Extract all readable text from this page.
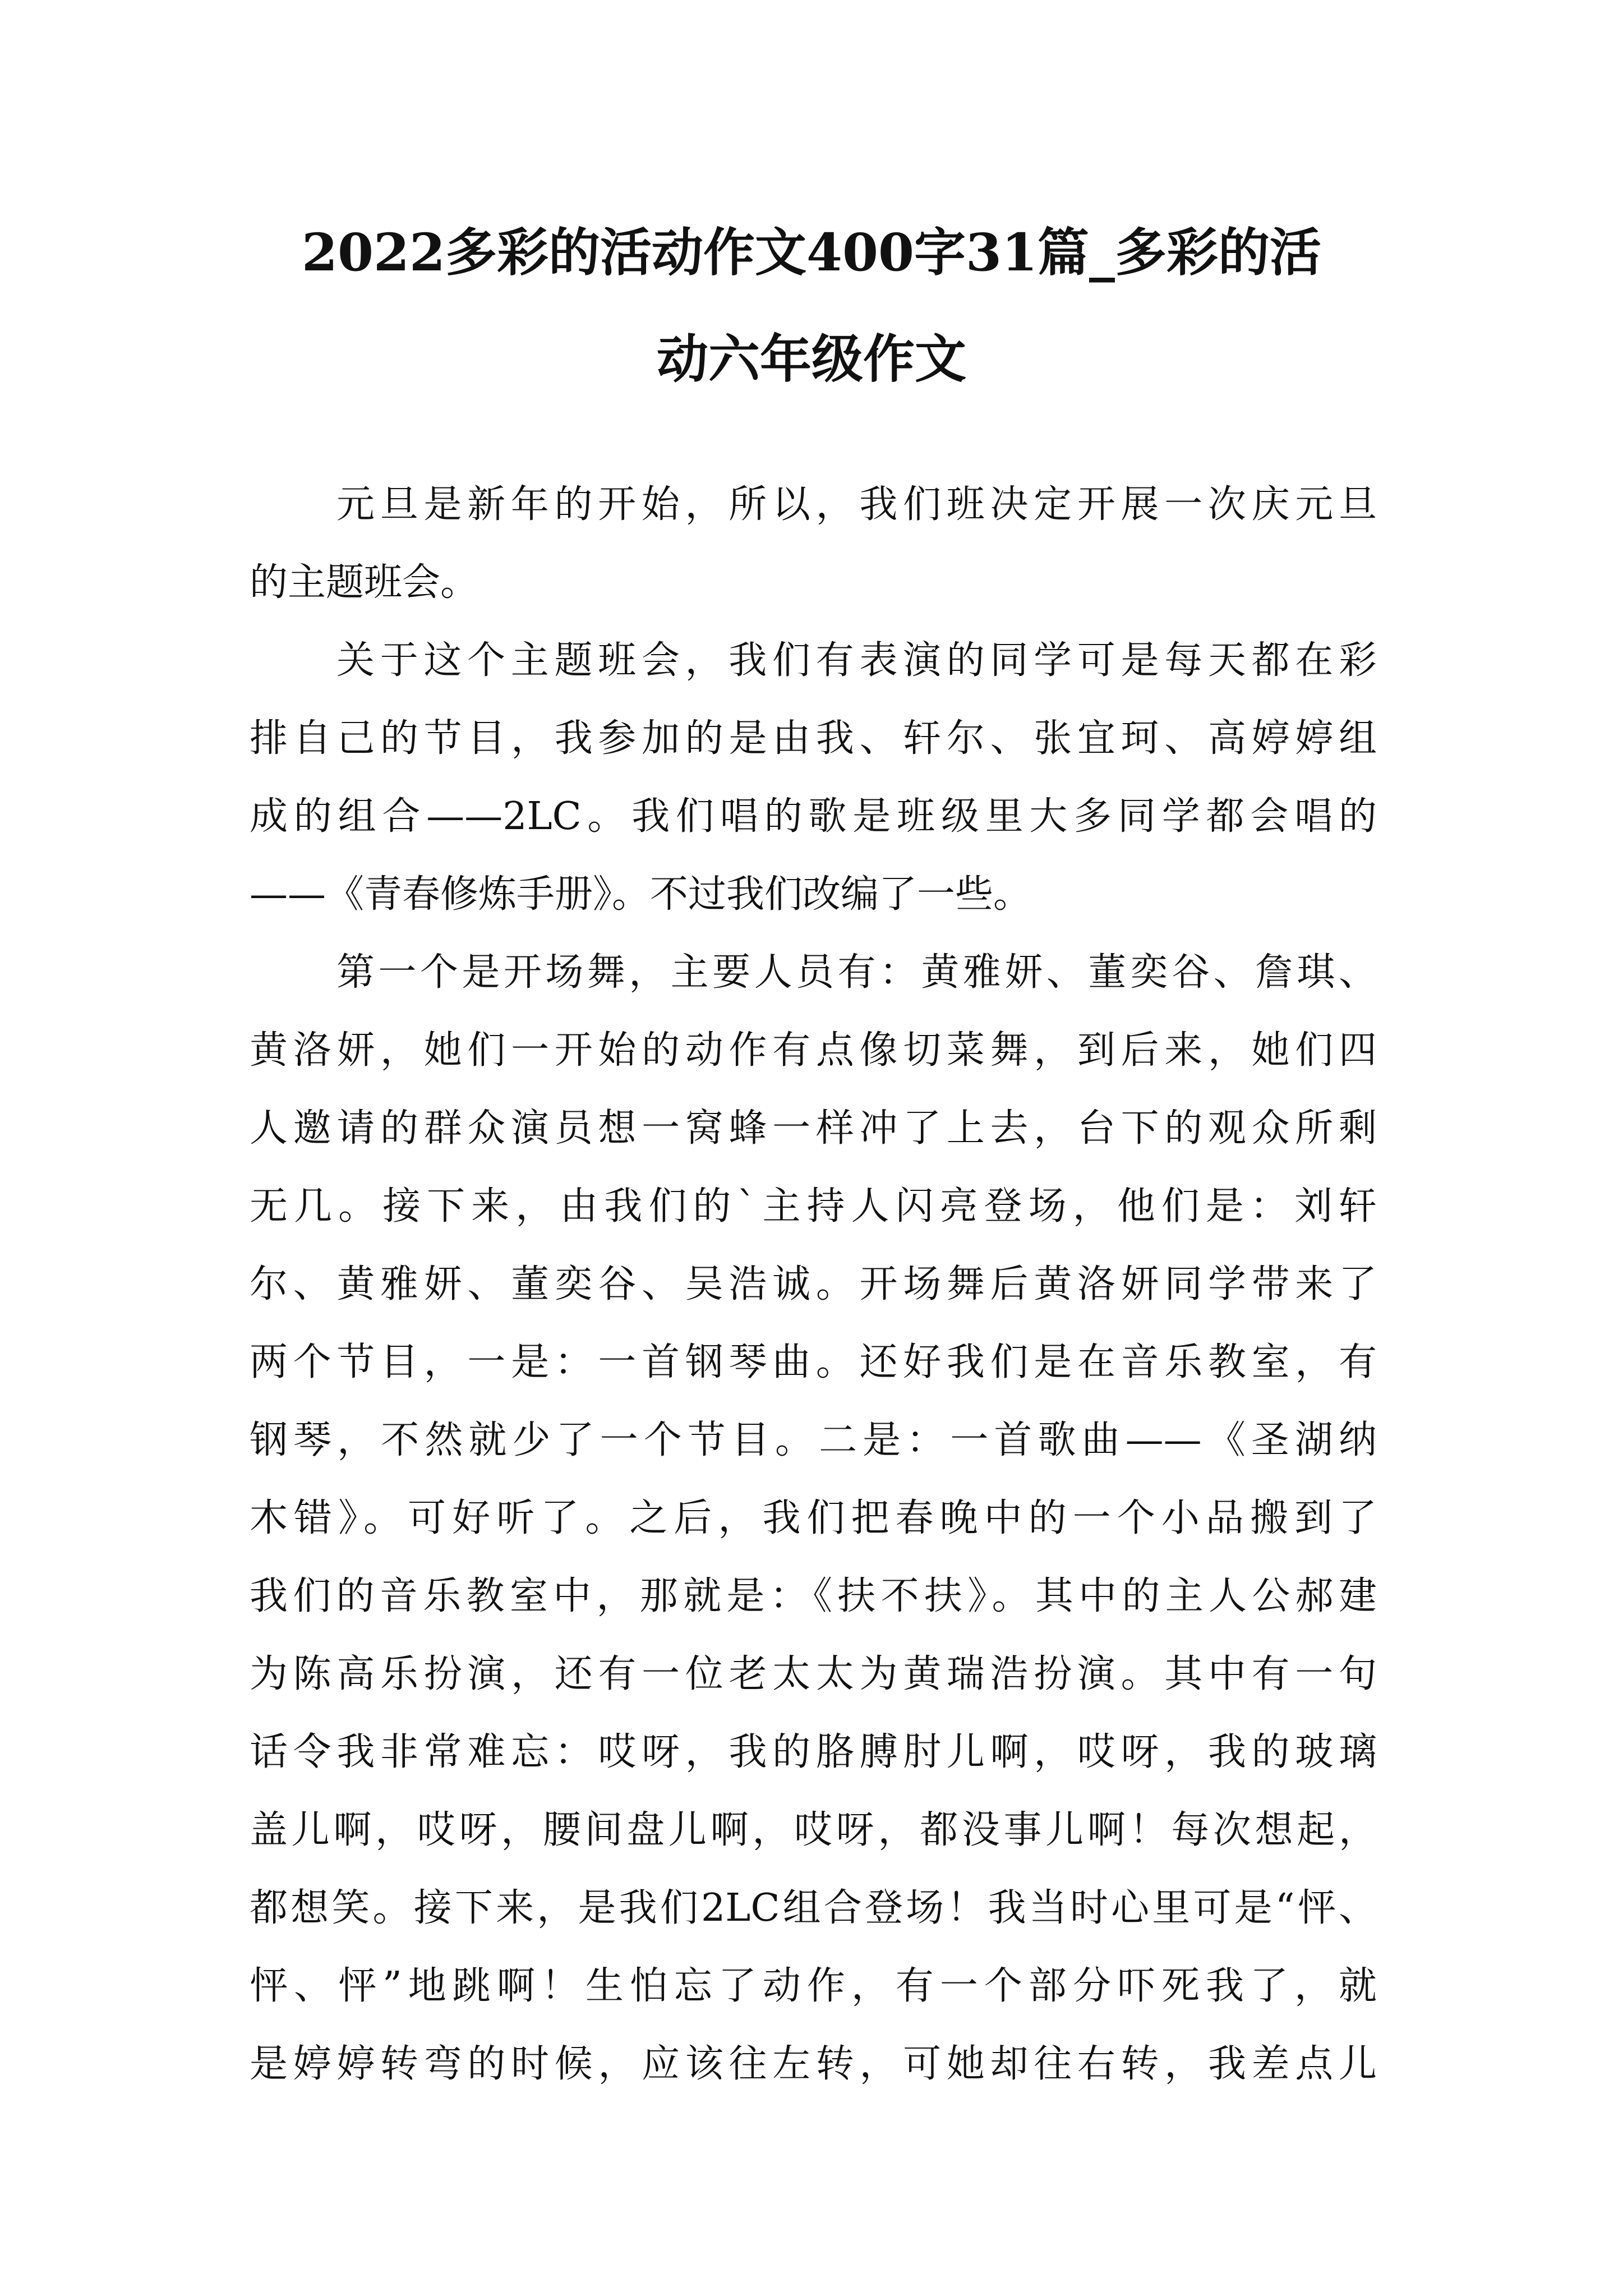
2022多彩的活动作文400字31篇_多彩的活
动六年级作文
元旦是新年的开始，所以，我们班决定开展一次庆元旦
的主题班会。
关于这个主题班会，我们有表演的同学可是每天都在彩
排自己的节目，我参加的是由我、轩尔、张宜珂、高婷婷组
成的组合——2LC。我们唱的歌是班级里大多同学都会唱的
——《青春修炼手册》。不过我们改编了一些。
第一个是开场舞，主要人员有：黄雅妍、董奕谷、詹琪、
黄洛妍，她们一开始的动作有点像切菜舞，到后来，她们四
人邀请的群众演员想一窝蜂一样冲了上去，台下的观众所剩
无几。接下来，由我们的`主持人闪亮登场，他们是：刘轩
尔、黄雅妍、董奕谷、吴浩诚。开场舞后黄洛妍同学带来了
两个节目，一是：一首钢琴曲。还好我们是在音乐教室，有
钢琴，不然就少了一个节目。二是：一首歌曲——《圣湖纳
木错》。可好听了。之后，我们把春晚中的一个小品搬到了
我们的音乐教室中，那就是：《扶不扶》。其中的主人公郝建
为陈高乐扮演，还有一位老太太为黄瑞浩扮演。其中有一句
话令我非常难忘：哎呀，我的胳膊肘儿啊，哎呀，我的玻璃
盖儿啊，哎呀，腰间盘儿啊，哎呀，都没事儿啊！每次想起，
都想笑。接下来，是我们2LC组合登场！我当时心里可是“怦、
怦、怦”地跳啊！生怕忘了动作，有一个部分吓死我了，就
是婷婷转弯的时候，应该往左转，可她却往右转，我差点儿
